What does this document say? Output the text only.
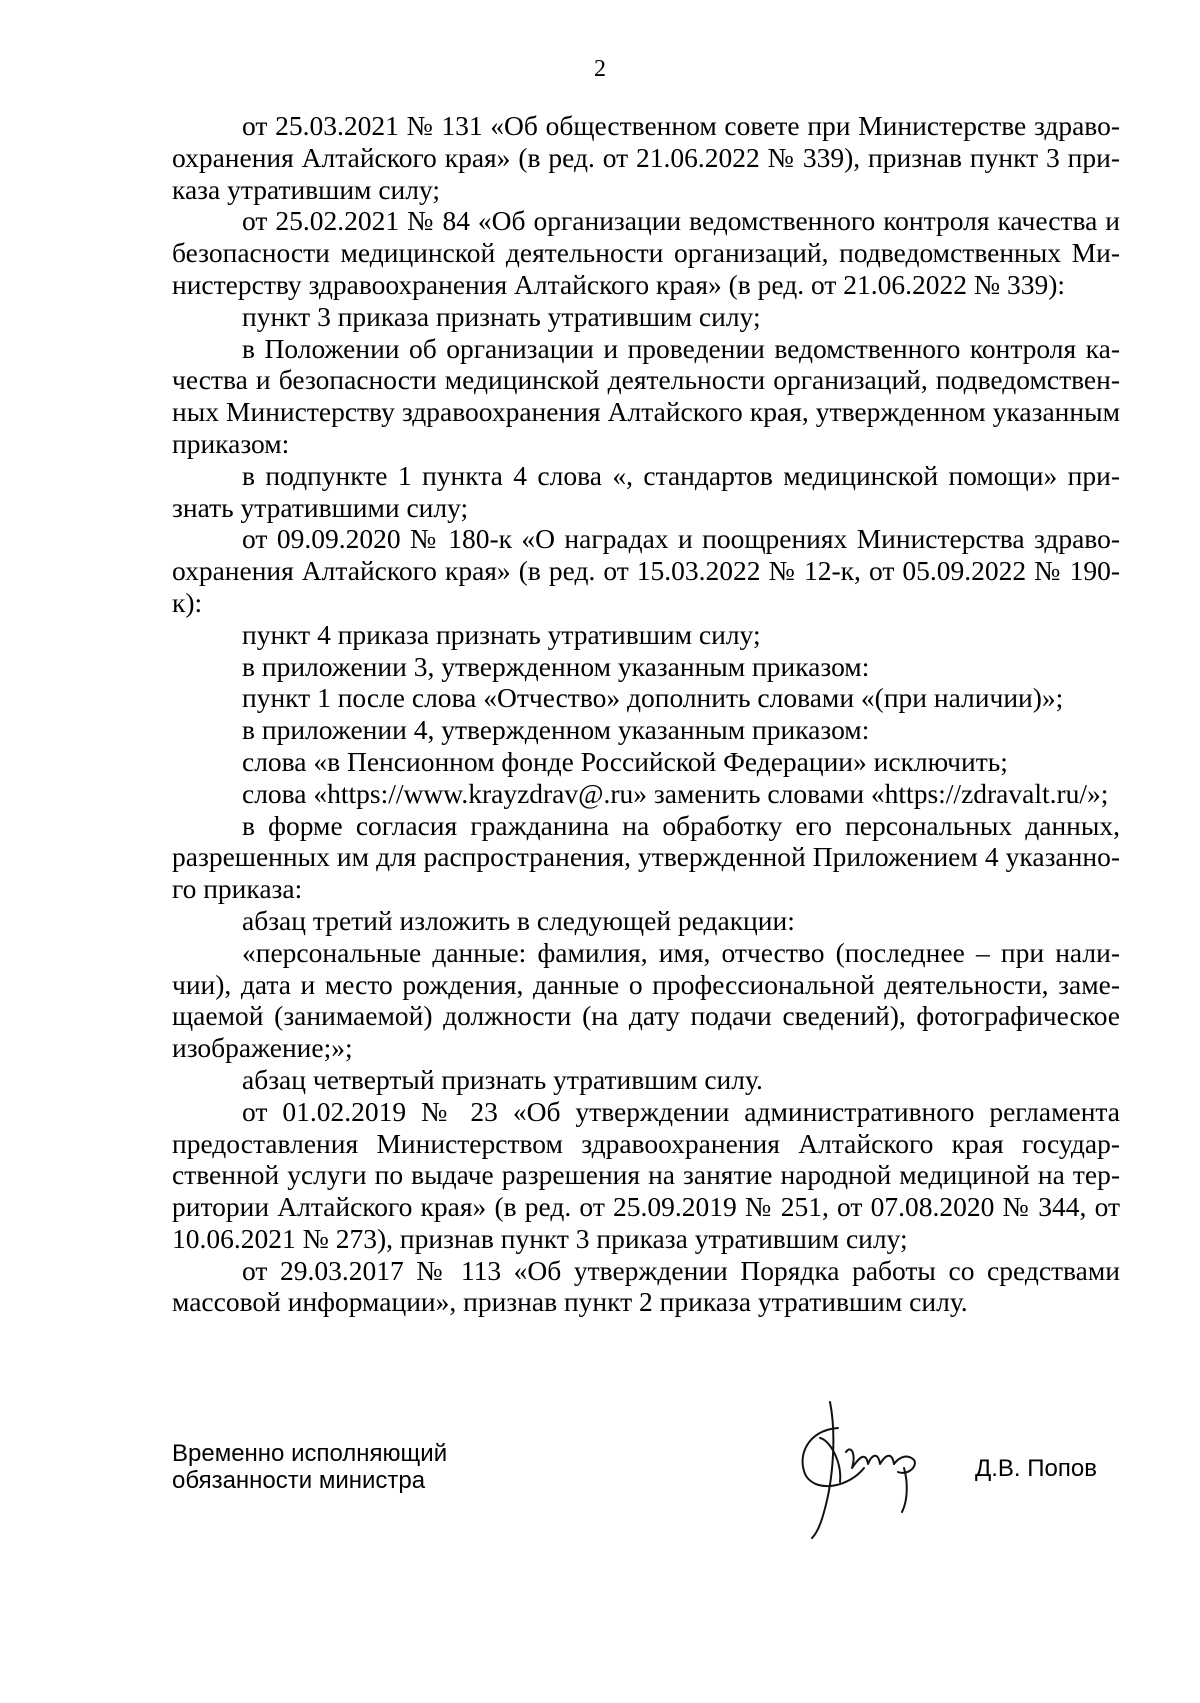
2

от 25.03.2021 № 131 «Об общественном совете при Министерстве здравоохранения Алтайского края» (в ред. от 21.06.2022 № 339), признав пункт 3 приказа утратившим силу;

от 25.02.2021 № 84 «Об организации ведомственного контроля качества и безопасности медицинской деятельности организаций, подведомственных Министерству здравоохранения Алтайского края» (в ред. от 21.06.2022 № 339):

пункт 3 приказа признать утратившим силу;

в Положении об организации и проведении ведомственного контроля качества и безопасности медицинской деятельности организаций, подведомственных Министерству здравоохранения Алтайского края, утвержденном указанным приказом:

в подпункте 1 пункта 4 слова «, стандартов медицинской помощи» признать утратившими силу;

от 09.09.2020 № 180-к «О наградах и поощрениях Министерства здравоохранения Алтайского края» (в ред. от 15.03.2022 № 12-к, от 05.09.2022 № 190-к):

пункт 4 приказа признать утратившим силу;

в приложении 3, утвержденном указанным приказом:

пункт 1 после слова «Отчество» дополнить словами «(при наличии)»;

в приложении 4, утвержденном указанным приказом:

слова «в Пенсионном фонде Российской Федерации» исключить;

слова «https://www.krayzdrav@.ru» заменить словами «https://zdravalt.ru/»;

в форме согласия гражданина на обработку его персональных данных, разрешенных им для распространения, утвержденной Приложением 4 указанного приказа:

абзац третий изложить в следующей редакции:

«персональные данные: фамилия, имя, отчество (последнее – при наличии), дата и место рождения, данные о профессиональной деятельности, замещаемой (занимаемой) должности (на дату подачи сведений), фотографическое изображение;»;

абзац четвертый признать утратившим силу.

от 01.02.2019 № 23 «Об утверждении административного регламента предоставления Министерством здравоохранения Алтайского края государственной услуги по выдаче разрешения на занятие народной медициной на территории Алтайского края» (в ред. от 25.09.2019 № 251, от 07.08.2020 № 344, от 10.06.2021 № 273), признав пункт 3 приказа утратившим силу;

от 29.03.2017 № 113 «Об утверждении Порядка работы со средствами массовой информации», признав пункт 2 приказа утратившим силу.

Временно исполняющий
обязанности министра	Д.В. Попов
